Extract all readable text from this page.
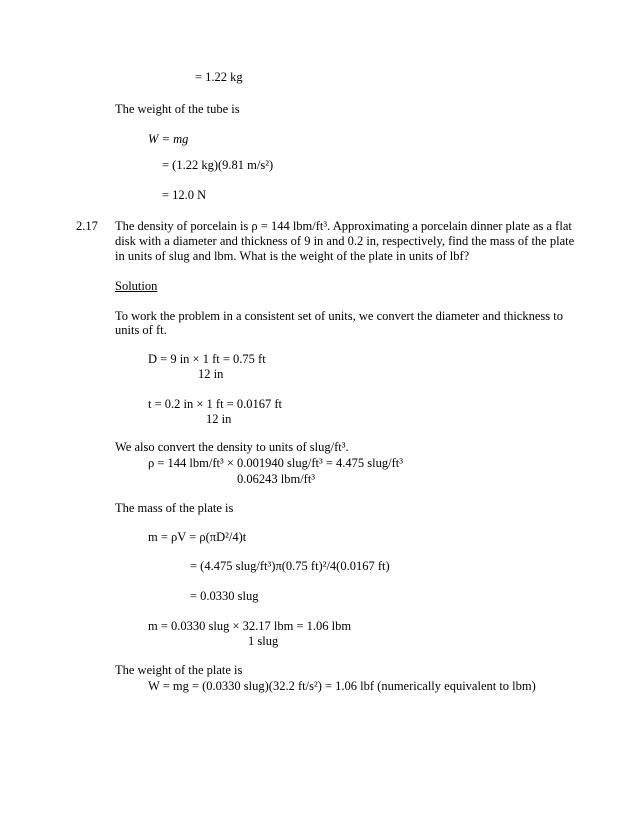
= 1.22 kg
The weight of the tube is
W = mg
= (1.22 kg)(9.81 m/s²)
= 12.0 N
2.17 The density of porcelain is ρ = 144 lbm/ft³. Approximating a porcelain dinner plate as a flat
disk with a diameter and thickness of 9 in and 0.2 in, respectively, find the mass of the plate
in units of slug and lbm. What is the weight of the plate in units of lbf?
Solution
To work the problem in a consistent set of units, we convert the diameter and thickness to
units of ft.
D = 9 in × 1 ft = 0.75 ft
12 in
t = 0.2 in × 1 ft = 0.0167 ft
12 in
We also convert the density to units of slug/ft³.
ρ = 144 lbm/ft³ × 0.001940 slug/ft³ = 4.475 slug/ft³
0.06243 lbm/ft³
The mass of the plate is
m = ρV = ρ(πD²/4)t
= (4.475 slug/ft³)π(0.75 ft)²/4(0.0167 ft)
= 0.0330 slug
m = 0.0330 slug × 32.17 lbm = 1.06 lbm
1 slug
The weight of the plate is
W = mg = (0.0330 slug)(32.2 ft/s²) = 1.06 lbf (numerically equivalent to lbm)
